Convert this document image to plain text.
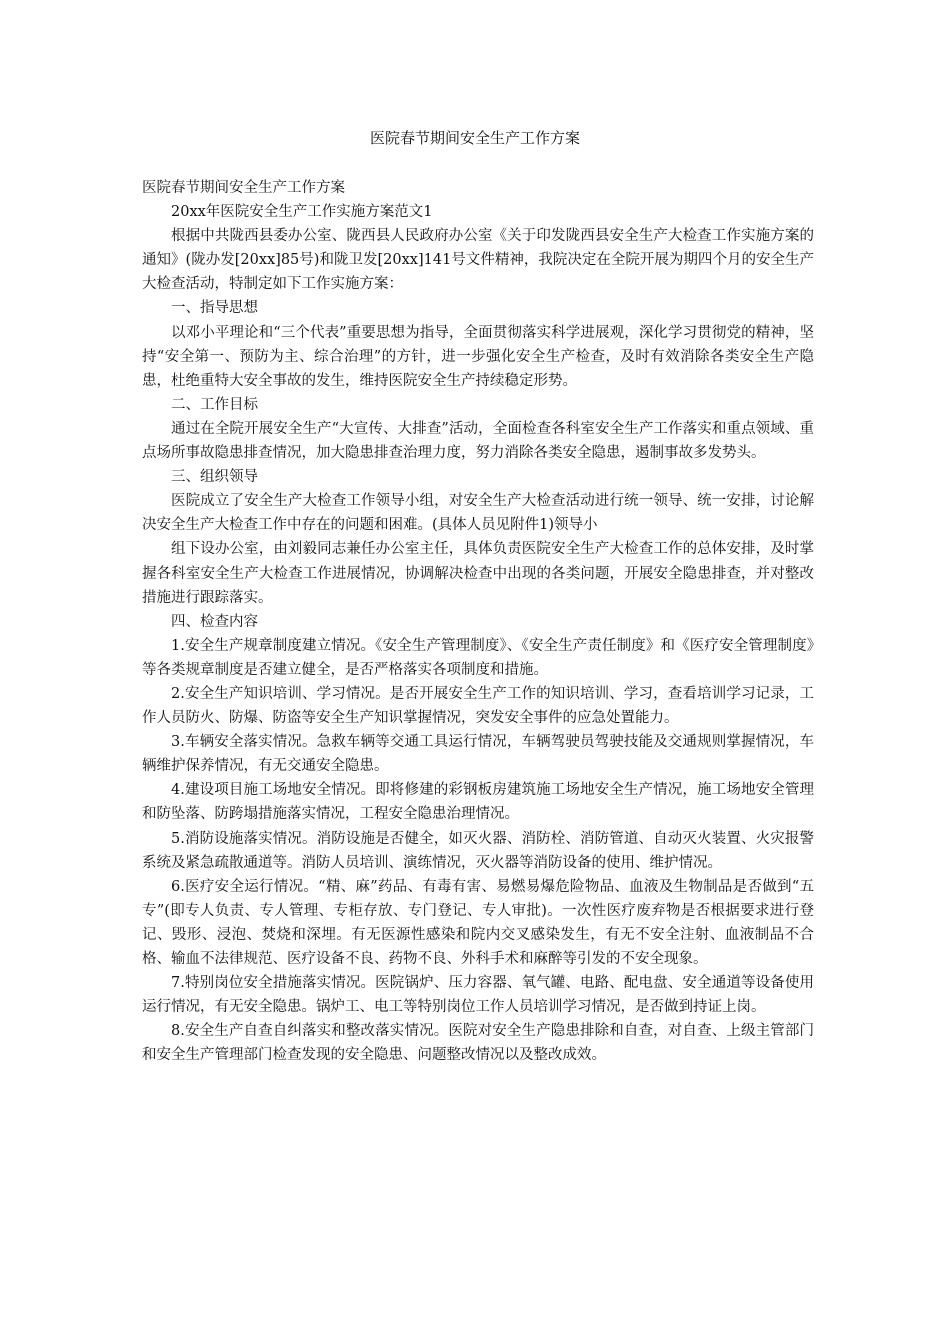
医院春节期间安全生产工作方案

医院春节期间安全生产工作方案

20xx年医院安全生产工作实施方案范文1

根据中共陇西县委办公室、陇西县人民政府办公室《关于印发陇西县安全生产大检查工作实施方案的通知》(陇办发[20xx]85号)和陇卫发[20xx]141号文件精神，我院决定在全院开展为期四个月的安全生产大检查活动，特制定如下工作实施方案：

一、指导思想

以邓小平理论和“三个代表”重要思想为指导，全面贯彻落实科学进展观，深化学习贯彻党的精神，坚持“安全第一、预防为主、综合治理”的方针，进一步强化安全生产检查，及时有效消除各类安全生产隐患，杜绝重特大安全事故的发生，维持医院安全生产持续稳定形势。

二、工作目标

通过在全院开展安全生产“大宣传、大排查”活动，全面检查各科室安全生产工作落实和重点领域、重点场所事故隐患排查情况，加大隐患排查治理力度，努力消除各类安全隐患，遏制事故多发势头。

三、组织领导

医院成立了安全生产大检查工作领导小组，对安全生产大检查活动进行统一领导、统一安排，讨论解决安全生产大检查工作中存在的问题和困难。(具体人员见附件1)领导小

组下设办公室，由刘毅同志兼任办公室主任，具体负责医院安全生产大检查工作的总体安排，及时掌握各科室安全生产大检查工作进展情况，协调解决检查中出现的各类问题，开展安全隐患排查，并对整改措施进行跟踪落实。

四、检查内容

1.安全生产规章制度建立情况。《安全生产管理制度》、《安全生产责任制度》和《医疗安全管理制度》等各类规章制度是否建立健全，是否严格落实各项制度和措施。

2.安全生产知识培训、学习情况。是否开展安全生产工作的知识培训、学习，查看培训学习记录，工作人员防火、防爆、防盗等安全生产知识掌握情况，突发安全事件的应急处置能力。

3.车辆安全落实情况。急救车辆等交通工具运行情况，车辆驾驶员驾驶技能及交通规则掌握情况，车辆维护保养情况，有无交通安全隐患。

4.建设项目施工场地安全情况。即将修建的彩钢板房建筑施工场地安全生产情况，施工场地安全管理和防坠落、防跨塌措施落实情况，工程安全隐患治理情况。

5.消防设施落实情况。消防设施是否健全，如灭火器、消防栓、消防管道、自动灭火装置、火灾报警系统及紧急疏散通道等。消防人员培训、演练情况，灭火器等消防设备的使用、维护情况。

6.医疗安全运行情况。“精、麻”药品、有毒有害、易燃易爆危险物品、血液及生物制品是否做到“五专”(即专人负责、专人管理、专柜存放、专门登记、专人审批)。一次性医疗废弃物是否根据要求进行登记、毁形、浸泡、焚烧和深埋。有无医源性感染和院内交叉感染发生，有无不安全注射、血液制品不合格、输血不法律规范、医疗设备不良、药物不良、外科手术和麻醉等引发的不安全现象。

7.特别岗位安全措施落实情况。医院锅炉、压力容器、氧气罐、电路、配电盘、安全通道等设备使用运行情况，有无安全隐患。锅炉工、电工等特别岗位工作人员培训学习情况，是否做到持证上岗。

8.安全生产自查自纠落实和整改落实情况。医院对安全生产隐患排除和自查，对自查、上级主管部门和安全生产管理部门检查发现的安全隐患、问题整改情况以及整改成效。
